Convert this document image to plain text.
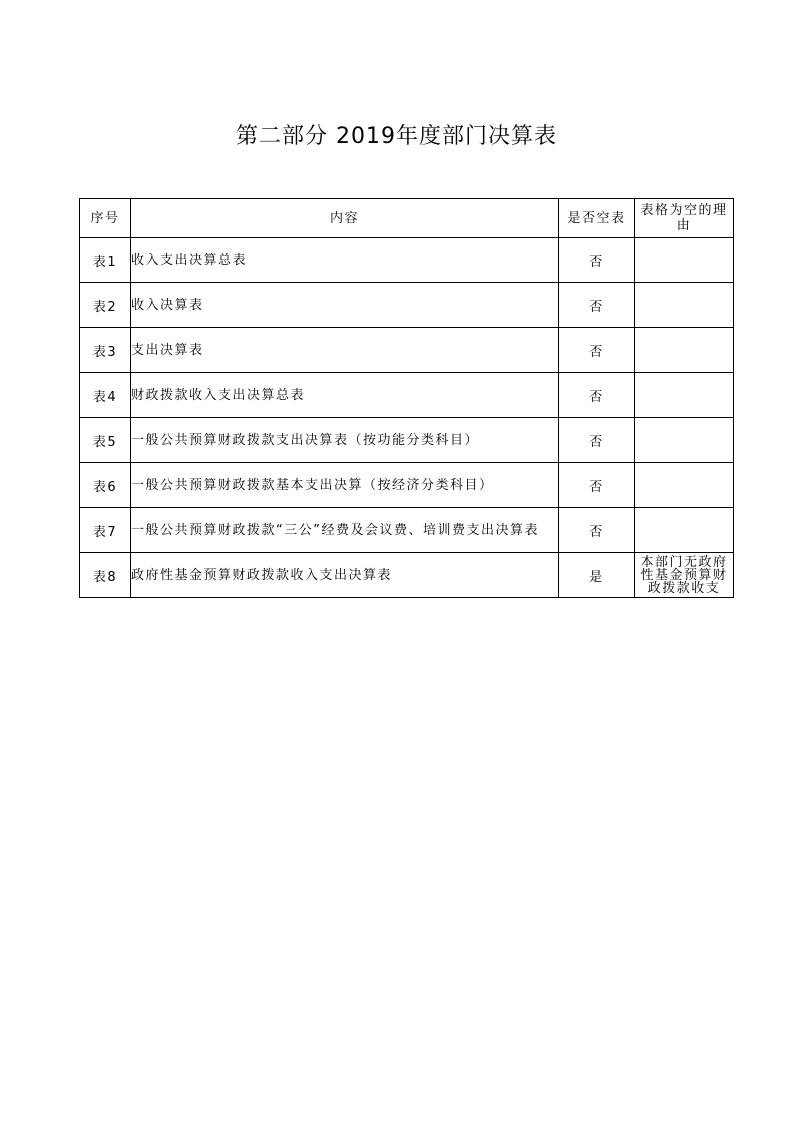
第二部分 2019年度部门决算表
序号	内容	是否空表	表格为空的理由
表1	收入支出决算总表	否	
表2	收入决算表	否	
表3	支出决算表	否	
表4	财政拨款收入支出决算总表	否	
表5	一般公共预算财政拨款支出决算表（按功能分类科目）	否	
表6	一般公共预算财政拨款基本支出决算（按经济分类科目）	否	
表7	一般公共预算财政拨款“三公”经费及会议费、培训费支出决算表	否	
表8	政府性基金预算财政拨款收入支出决算表	是	本部门无政府性基金预算财政拨款收支
